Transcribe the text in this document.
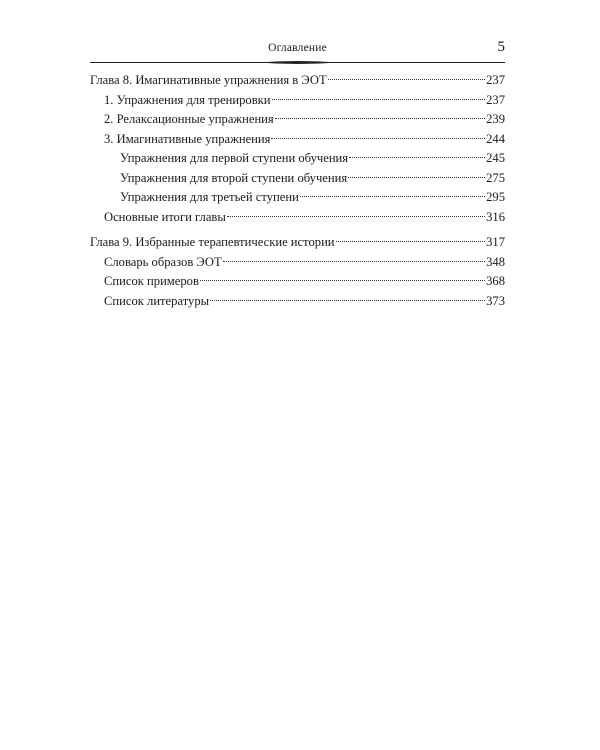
Оглавление	5
Глава 8. Имагинативные упражнения в ЭОТ	237
1. Упражнения для тренировки	237
2. Релаксационные упражнения	239
3. Имагинативные упражнения	244
Упражнения для первой ступени обучения	245
Упражнения для второй ступени обучения	275
Упражнения для третьей ступени	295
Основные итоги главы	316
Глава 9. Избранные терапевтические истории	317
Словарь образов ЭОТ	348
Список примеров	368
Список литературы	373
